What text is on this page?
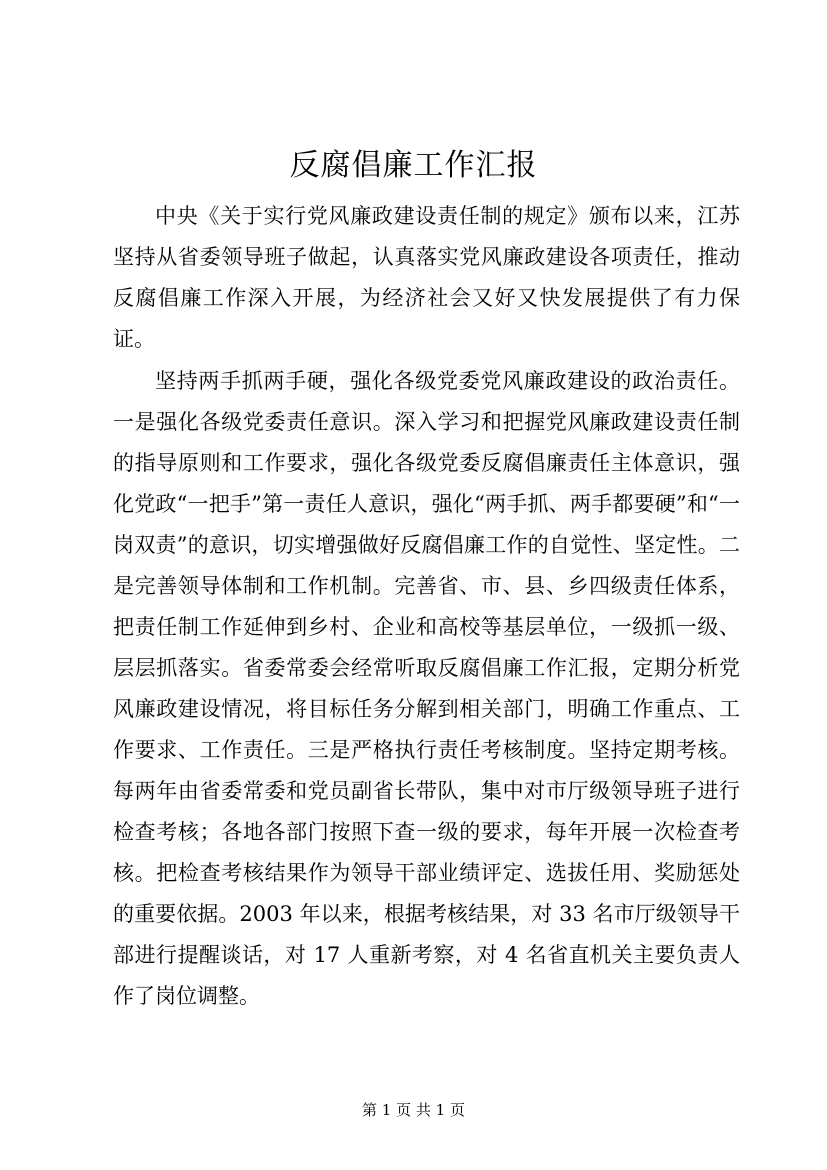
反腐倡廉工作汇报

中央《关于实行党风廉政建设责任制的规定》颁布以来，江苏坚持从省委领导班子做起，认真落实党风廉政建设各项责任，推动反腐倡廉工作深入开展，为经济社会又好又快发展提供了有力保证。

坚持两手抓两手硬，强化各级党委党风廉政建设的政治责任。一是强化各级党委责任意识。深入学习和把握党风廉政建设责任制的指导原则和工作要求，强化各级党委反腐倡廉责任主体意识，强化党政“一把手”第一责任人意识，强化“两手抓、两手都要硬”和“一岗双责”的意识，切实增强做好反腐倡廉工作的自觉性、坚定性。二是完善领导体制和工作机制。完善省、市、县、乡四级责任体系，把责任制工作延伸到乡村、企业和高校等基层单位，一级抓一级、层层抓落实。省委常委会经常听取反腐倡廉工作汇报，定期分析党风廉政建设情况，将目标任务分解到相关部门，明确工作重点、工作要求、工作责任。三是严格执行责任考核制度。坚持定期考核。每两年由省委常委和党员副省长带队，集中对市厅级领导班子进行检查考核；各地各部门按照下查一级的要求，每年开展一次检查考核。把检查考核结果作为领导干部业绩评定、选拔任用、奖励惩处的重要依据。2003 年以来，根据考核结果，对 33 名市厅级领导干部进行提醒谈话，对 17 人重新考察，对 4 名省直机关主要负责人作了岗位调整。

第 1 页 共 1 页
